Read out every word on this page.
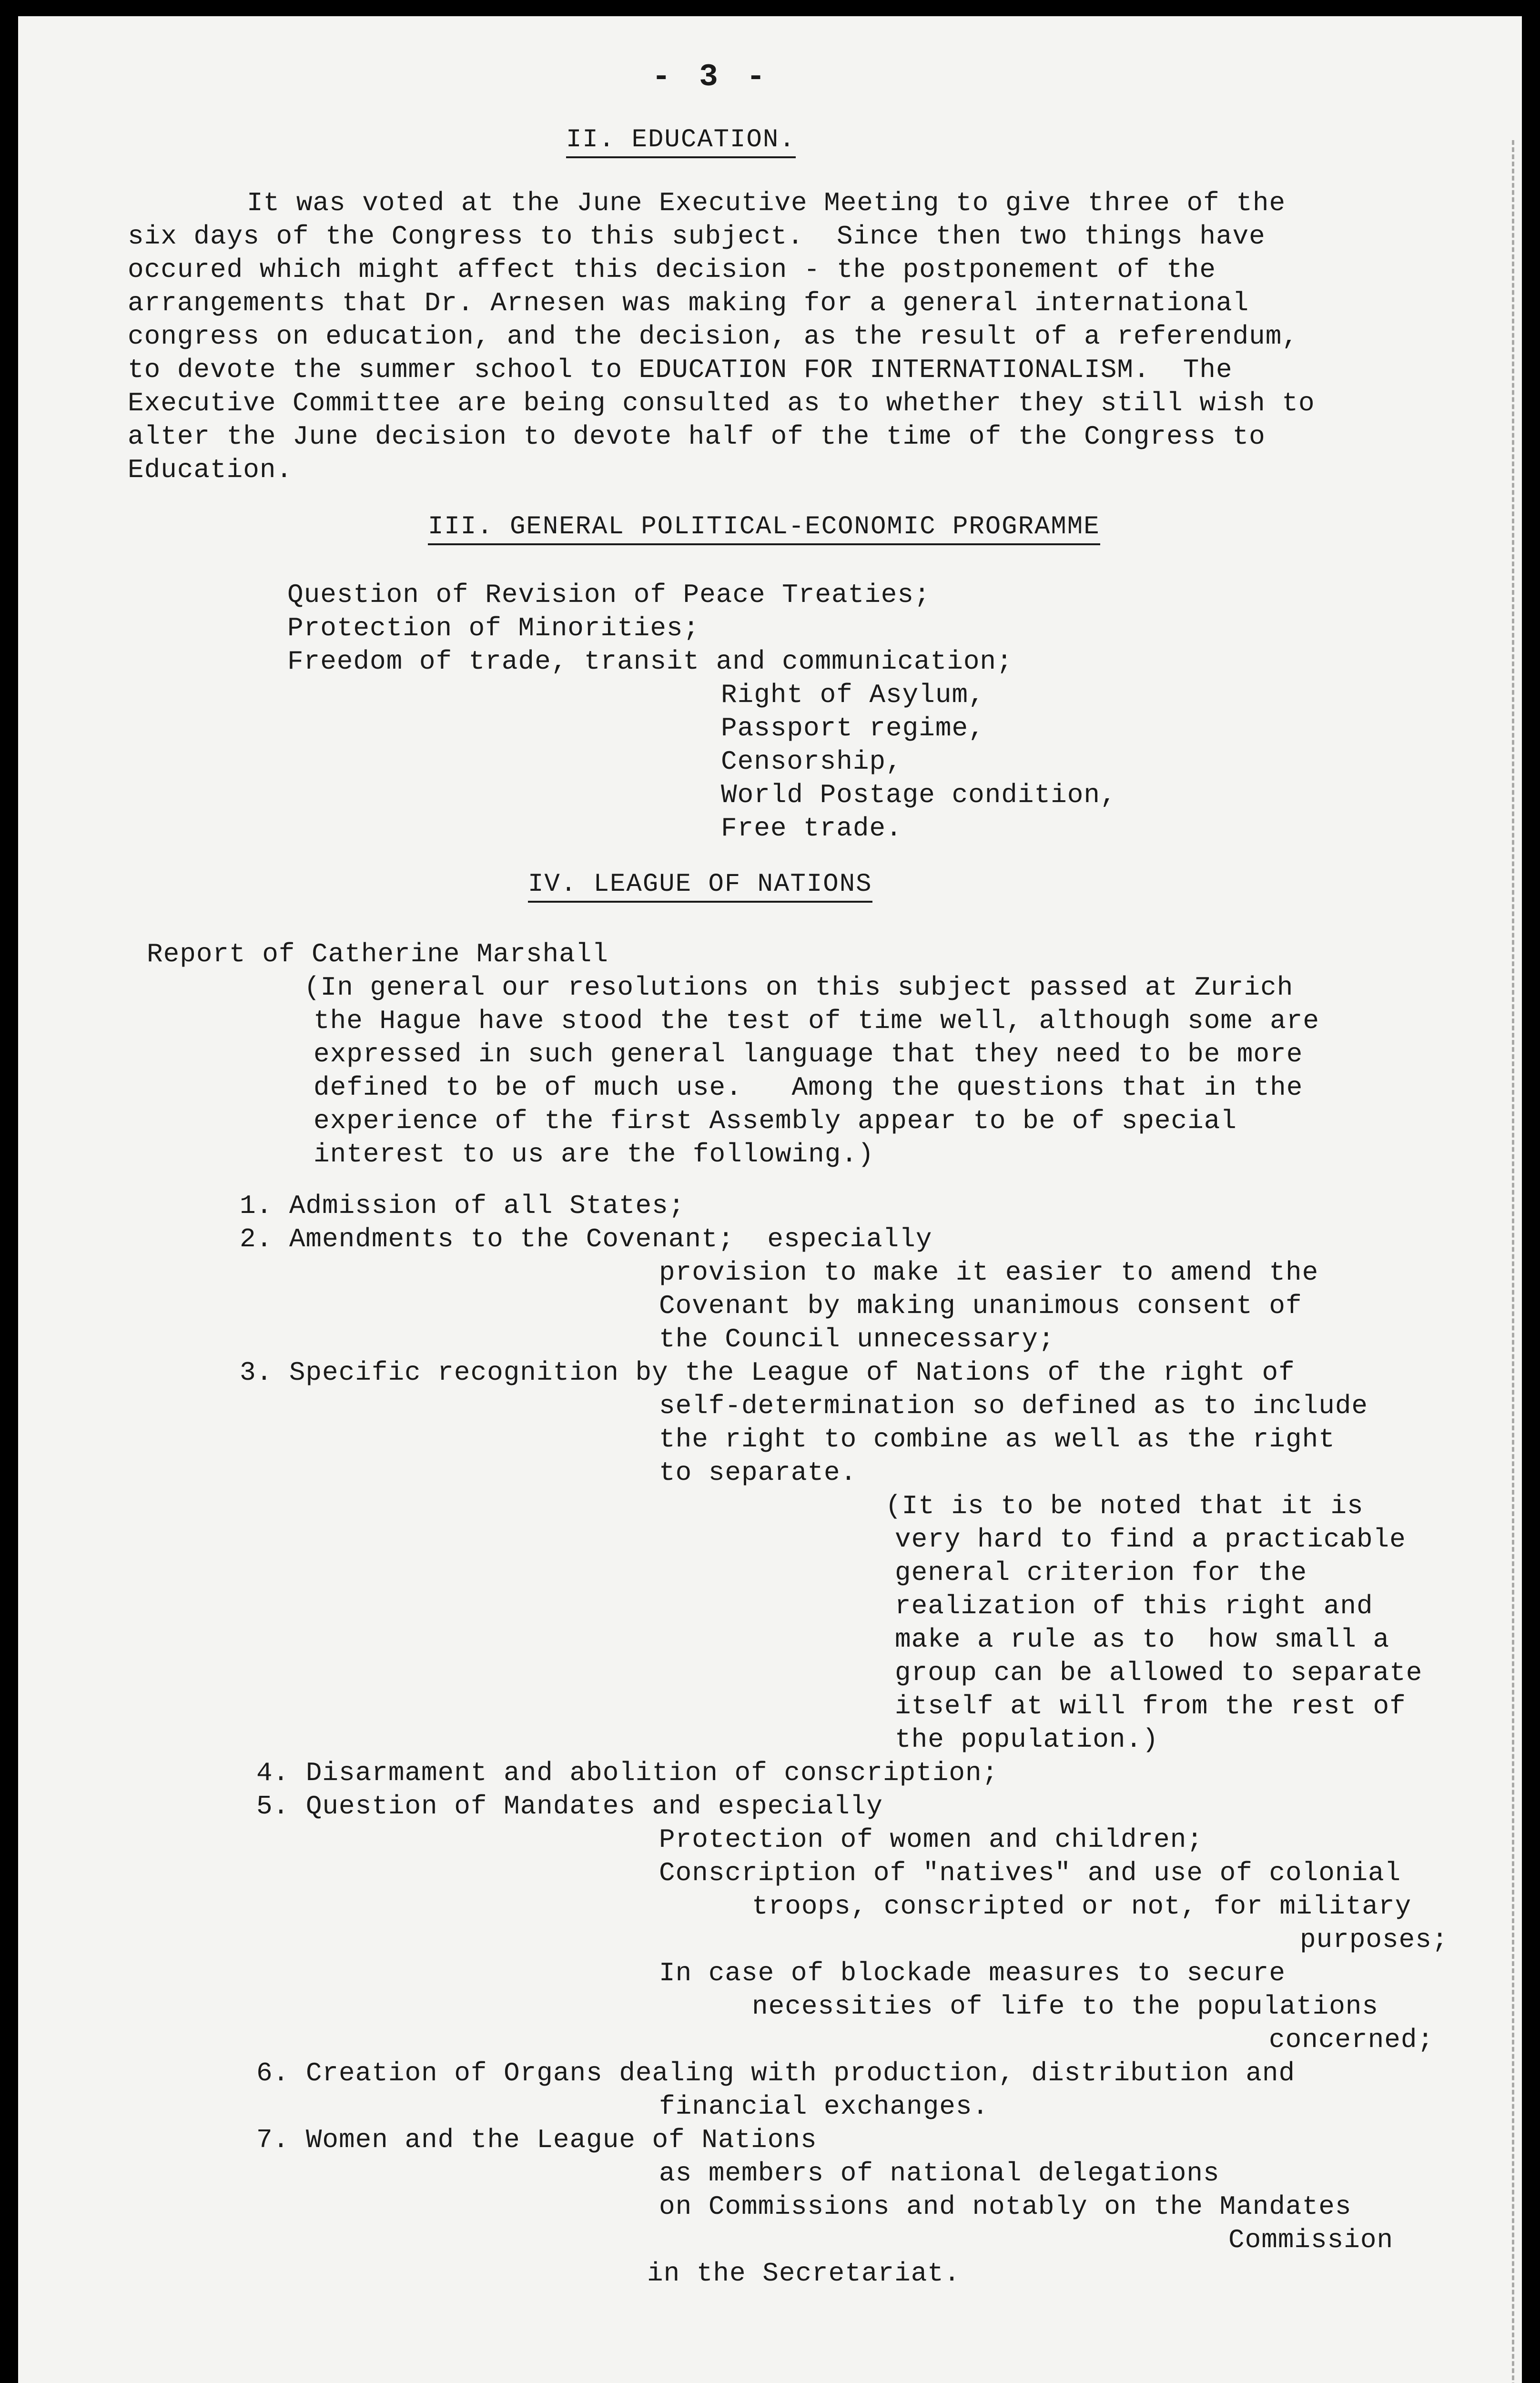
- 3 -
II. EDUCATION.
It was voted at the June Executive Meeting to give three of the
six days of the Congress to this subject.  Since then two things have
occured which might affect this decision - the postponement of the
arrangements that Dr. Arnesen was making for a general international
congress on education, and the decision, as the result of a referendum,
to devote the summer school to EDUCATION FOR INTERNATIONALISM.  The
Executive Committee are being consulted as to whether they still wish to
alter the June decision to devote half of the time of the Congress to
Education.
III. GENERAL POLITICAL-ECONOMIC PROGRAMME
Question of Revision of Peace Treaties;
Protection of Minorities;
Freedom of trade, transit and communication;
Right of Asylum,
Passport regime,
Censorship,
World Postage condition,
Free trade.
IV. LEAGUE OF NATIONS
Report of Catherine Marshall
(In general our resolutions on this subject passed at Zurich
the Hague have stood the test of time well, although some are
expressed in such general language that they need to be more
defined to be of much use.   Among the questions that in the
experience of the first Assembly appear to be of special
interest to us are the following.)
1. Admission of all States;
2. Amendments to the Covenant;  especially
provision to make it easier to amend the
Covenant by making unanimous consent of
the Council unnecessary;
3. Specific recognition by the League of Nations of the right of
self-determination so defined as to include
the right to combine as well as the right
to separate.
(It is to be noted that it is
very hard to find a practicable
general criterion for the
realization of this right and
make a rule as to  how small a
group can be allowed to separate
itself at will from the rest of
the population.)
4. Disarmament and abolition of conscription;
5. Question of Mandates and especially
Protection of women and children;
Conscription of "natives" and use of colonial
troops, conscripted or not, for military
purposes;
In case of blockade measures to secure
necessities of life to the populations
concerned;
6. Creation of Organs dealing with production, distribution and
financial exchanges.
7. Women and the League of Nations
as members of national delegations
on Commissions and notably on the Mandates
Commission
in the Secretariat.
